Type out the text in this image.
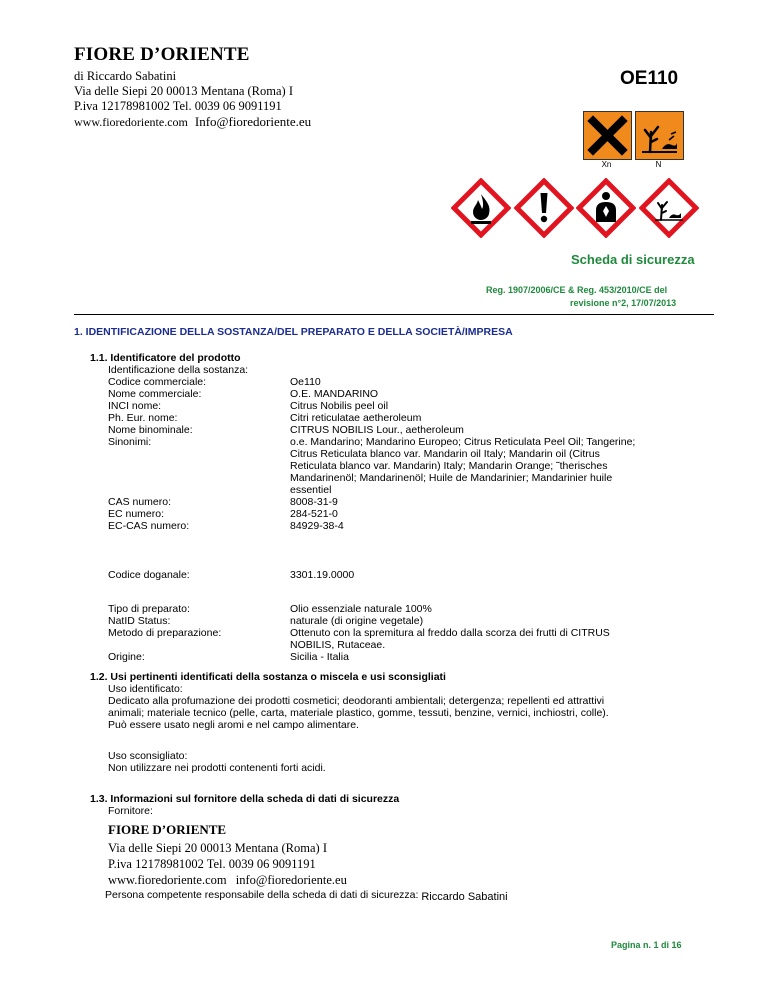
FIORE D’ORIENTE
di Riccardo Sabatini
Via delle Siepi 20 00013 Mentana (Roma) I
P.iva 12178981002 Tel. 0039 06 9091191
www.fioredoriente.com Info@fioredoriente.eu
OE110
Xn	N
Scheda di sicurezza
Reg. 1907/2006/CE & Reg. 453/2010/CE del
revisione n°2, 17/07/2013
1. IDENTIFICAZIONE DELLA SOSTANZA/DEL PREPARATO E DELLA SOCIETÀ/IMPRESA
1.1. Identificatore del prodotto
Identificazione della sostanza:
Codice commerciale:	Oe110
Nome commerciale:	O.E. MANDARINO
INCI nome:	Citrus Nobilis peel oil
Ph. Eur. nome:	Citri reticulatae aetheroleum
Nome binominale:	CITRUS NOBILIS Lour., aetheroleum
Sinonimi:	o.e. Mandarino; Mandarino Europeo; Citrus Reticulata Peel Oil; Tangerine;
Citrus Reticulata blanco var. Mandarin oil Italy; Mandarin oil (Citrus
Reticulata blanco var. Mandarin) Italy; Mandarin Orange; ˜therisches
Mandarinenöl; Mandarinenöl; Huile de Mandarinier; Mandarinier huile
essentiel
CAS numero:	8008-31-9
EC numero:	284-521-0
EC-CAS numero:	84929-38-4
Codice doganale:	3301.19.0000
Tipo di preparato:	Olio essenziale naturale 100%
NatID Status:	naturale (di origine vegetale)
Metodo di preparazione:	Ottenuto con la spremitura al freddo dalla scorza dei frutti di CITRUS
NOBILIS, Rutaceae.
Origine:	Sicilia - Italia
1.2. Usi pertinenti identificati della sostanza o miscela e usi sconsigliati
Uso identificato:
Dedicato alla profumazione dei prodotti cosmetici; deodoranti ambientali; detergenza; repellenti ed attrattivi
animali; materiale tecnico (pelle, carta, materiale plastico, gomme, tessuti, benzine, vernici, inchiostri, colle).
Può essere usato negli aromi e nel campo alimentare.
Uso sconsigliato:
Non utilizzare nei prodotti contenenti forti acidi.
1.3. Informazioni sul fornitore della scheda di dati di sicurezza
Fornitore:
FIORE D’ORIENTE
Via delle Siepi 20 00013 Mentana (Roma) I
P.iva 12178981002 Tel. 0039 06 9091191
www.fioredoriente.com info@fioredoriente.eu
Persona competente responsabile della scheda di dati di sicurezza: Riccardo Sabatini
Pagina n. 1 di 16
